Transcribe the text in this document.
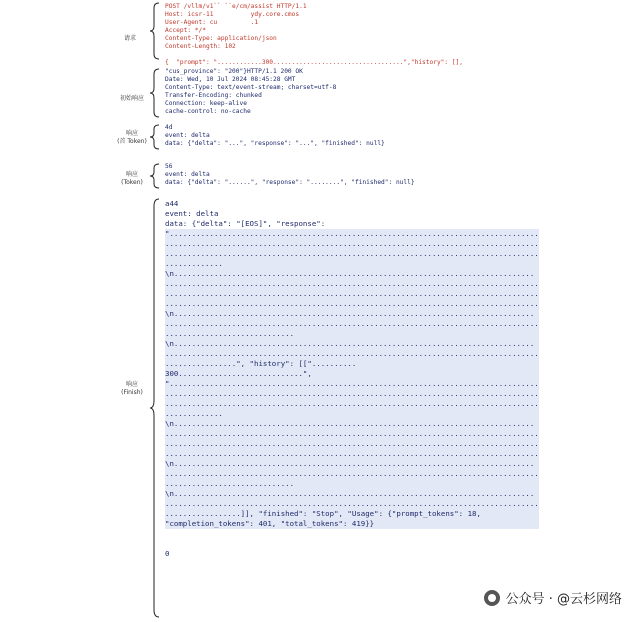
请求
初始响应
响应
(首 Token)
响应
(Token)
响应
(Finish)
POST /vllm/v1`` ``e/cm/assist HTTP/1.1
Host: icsr-11          ydy.core.cmos
User-Agent: cu         .1
Accept: */*
Content-Type: application/json
Content-Length: 102
{  "prompt": "............300...................................","history": [],
"cus_province": "200"}HTTP/1.1 200 OK
Date: Wed, 10 Jul 2024 08:45:28 GMT
Content-Type: text/event-stream; charset=utf-8
Transfer-Encoding: chunked
Connection: keep-alive
cache-control: no-cache
4d
event: delta
data: {"delta": "...", "response": "...", "finished": null}
56
event: delta
data: {"delta": "......", "response": "........", "finished": null}
a44
event: delta
data: {"delta": "[EOS]", "response":
"...................................................................................
....................................................................................
....................................................................................
.............
\n.................................................................................
....................................................................................
....................................................................................
....................................................................................
\n.................................................................................
....................................................................................
.............................
\n.................................................................................
....................................................................................
................", "history": [["..........
300............................",
"...................................................................................
....................................................................................
....................................................................................
.............
\n.................................................................................
....................................................................................
....................................................................................
....................................................................................
\n.................................................................................
....................................................................................
.............................
\n.................................................................................
....................................................................................
.................]], "finished": "Stop", "Usage": {"prompt_tokens": 18,
"completion_tokens": 401, "total_tokens": 419}}
0
公众号 · @云杉网络
